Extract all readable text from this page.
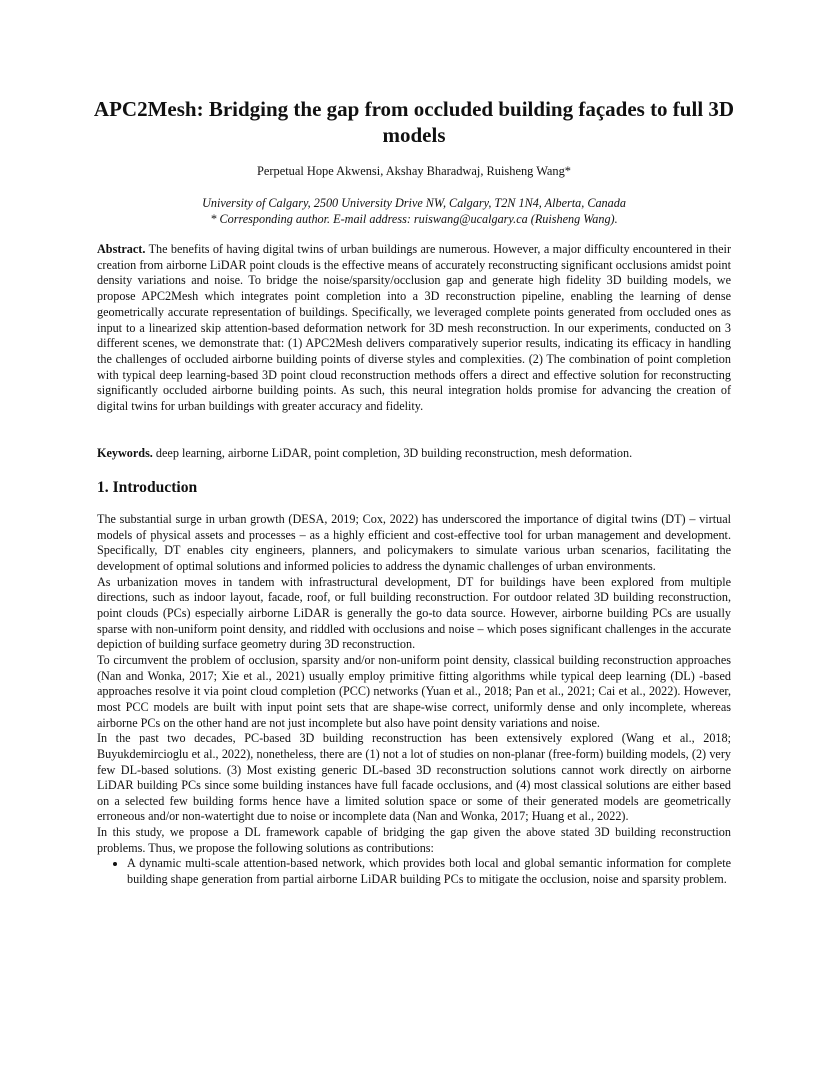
APC2Mesh: Bridging the gap from occluded building façades to full 3D models
Perpetual Hope Akwensi, Akshay Bharadwaj, Ruisheng Wang*
University of Calgary, 2500 University Drive NW, Calgary, T2N 1N4, Alberta, Canada
* Corresponding author. E-mail address: ruiswang@ucalgary.ca (Ruisheng Wang).

Abstract. The benefits of having digital twins of urban buildings are numerous. However, a major difficulty encountered in their creation from airborne LiDAR point clouds is the effective means of accurately reconstructing significant occlusions amidst point density variations and noise. To bridge the noise/sparsity/occlusion gap and generate high fidelity 3D building models, we propose APC2Mesh which integrates point completion into a 3D reconstruction pipeline, enabling the learning of dense geometrically accurate representation of buildings. Specifically, we leveraged complete points generated from occluded ones as input to a linearized skip attention-based deformation network for 3D mesh reconstruction. In our experiments, conducted on 3 different scenes, we demonstrate that: (1) APC2Mesh delivers comparatively superior results, indicating its efficacy in handling the challenges of occluded airborne building points of diverse styles and complexities. (2) The combination of point completion with typical deep learning-based 3D point cloud reconstruction methods offers a direct and effective solution for reconstructing significantly occluded airborne building points. As such, this neural integration holds promise for advancing the creation of digital twins for urban buildings with greater accuracy and fidelity.

Keywords. deep learning, airborne LiDAR, point completion, 3D building reconstruction, mesh deformation.

1. Introduction

The substantial surge in urban growth (DESA, 2019; Cox, 2022) has underscored the importance of digital twins (DT) – virtual models of physical assets and processes – as a highly efficient and cost-effective tool for urban management and development. Specifically, DT enables city engineers, planners, and policymakers to simulate various urban scenarios, facilitating the development of optimal solutions and informed policies to address the dynamic challenges of urban environments.

As urbanization moves in tandem with infrastructural development, DT for buildings have been explored from multiple directions, such as indoor layout, facade, roof, or full building reconstruction. For outdoor related 3D building reconstruction, point clouds (PCs) especially airborne LiDAR is generally the go-to data source. However, airborne building PCs are usually sparse with non-uniform point density, and riddled with occlusions and noise – which poses significant challenges in the accurate depiction of building surface geometry during 3D reconstruction.

To circumvent the problem of occlusion, sparsity and/or non-uniform point density, classical building reconstruction approaches (Nan and Wonka, 2017; Xie et al., 2021) usually employ primitive fitting algorithms while typical deep learning (DL) -based approaches resolve it via point cloud completion (PCC) networks (Yuan et al., 2018; Pan et al., 2021; Cai et al., 2022). However, most PCC models are built with input point sets that are shape-wise correct, uniformly dense and only incomplete, whereas airborne PCs on the other hand are not just incomplete but also have point density variations and noise.

In the past two decades, PC-based 3D building reconstruction has been extensively explored (Wang et al., 2018; Buyukdemircioglu et al., 2022), nonetheless, there are (1) not a lot of studies on non-planar (free-form) building models, (2) very few DL-based solutions. (3) Most existing generic DL-based 3D reconstruction solutions cannot work directly on airborne LiDAR building PCs since some building instances have full facade occlusions, and (4) most classical solutions are either based on a selected few building forms hence have a limited solution space or some of their generated models are geometrically erroneous and/or non-watertight due to noise or incomplete data (Nan and Wonka, 2017; Huang et al., 2022).

In this study, we propose a DL framework capable of bridging the gap given the above stated 3D building reconstruction problems. Thus, we propose the following solutions as contributions:

• A dynamic multi-scale attention-based network, which provides both local and global semantic information for complete building shape generation from partial airborne LiDAR building PCs to mitigate the occlusion, noise and sparsity problem.
